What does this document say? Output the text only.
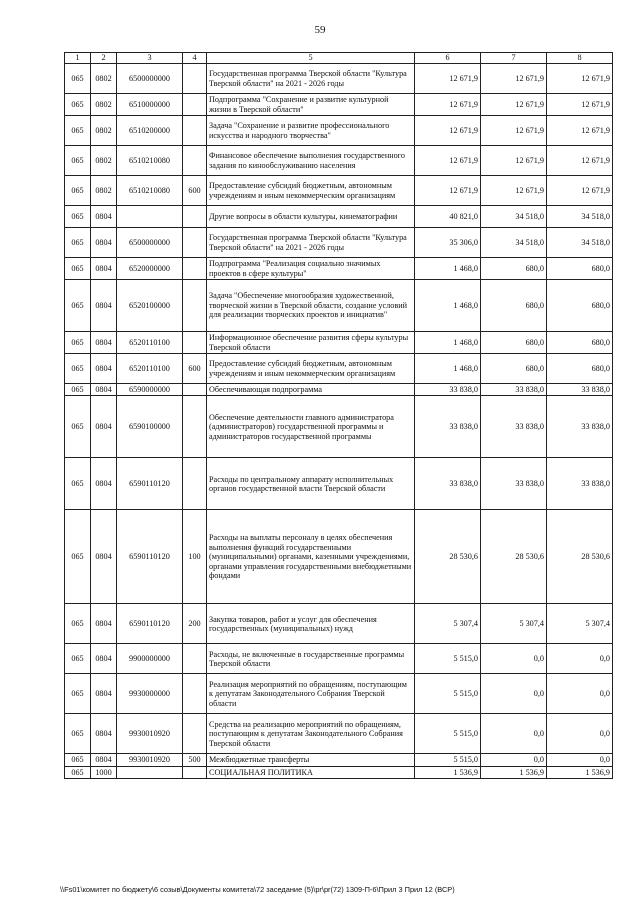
59
1	2	3	4	5	6	7	8
065	0802	6500000000		Государственная программа Тверской области "Культура Тверской области" на 2021 - 2026 годы	12 671,9	12 671,9	12 671,9
065	0802	6510000000		Подпрограмма "Сохранение и развитие культурной жизни в Тверской области"	12 671,9	12 671,9	12 671,9
065	0802	6510200000		Задача "Сохранение и развитие профессионального искусства и народного творчества"	12 671,9	12 671,9	12 671,9
065	0802	6510210080		Финансовое обеспечение выполнения государственного задания по кинообслуживанию населения	12 671,9	12 671,9	12 671,9
065	0802	6510210080	600	Предоставление субсидий бюджетным, автономным учреждениям и иным некоммерческим организациям	12 671,9	12 671,9	12 671,9
065	0804			Другие вопросы в области культуры, кинематографии	40 821,0	34 518,0	34 518,0
065	0804	6500000000		Государственная программа Тверской области "Культура Тверской области" на 2021 - 2026 годы	35 306,0	34 518,0	34 518,0
065	0804	6520000000		Подпрограмма "Реализация социально значимых проектов в сфере культуры"	1 468,0	680,0	680,0
065	0804	6520100000		Задача "Обеспечение многообразия художественной, творческой жизни в Тверской области, создание условий для реализации творческих проектов и инициатив"	1 468,0	680,0	680,0
065	0804	6520110100		Информационное обеспечение развития сферы культуры Тверской области	1 468,0	680,0	680,0
065	0804	6520110100	600	Предоставление субсидий бюджетным, автономным учреждениям и иным некоммерческим организациям	1 468,0	680,0	680,0
065	0804	6590000000		Обеспечивающая подпрограмма	33 838,0	33 838,0	33 838,0
065	0804	6590100000		Обеспечение деятельности главного администратора (администраторов) государственной программы и администраторов государственной программы	33 838,0	33 838,0	33 838,0
065	0804	6590110120		Расходы по центральному аппарату исполнительных органов государственной власти Тверской области	33 838,0	33 838,0	33 838,0
065	0804	6590110120	100	Расходы на выплаты персоналу в целях обеспечения выполнения функций государственными (муниципальными) органами, казенными учреждениями, органами управления государственными внебюджетными фондами	28 530,6	28 530,6	28 530,6
065	0804	6590110120	200	Закупка товаров, работ и услуг для обеспечения государственных (муниципальных) нужд	5 307,4	5 307,4	5 307,4
065	0804	9900000000		Расходы, не включенные в государственные программы Тверской области	5 515,0	0,0	0,0
065	0804	9930000000		Реализация мероприятий по обращениям, поступающим к депутатам Законодательного Собрания Тверской области	5 515,0	0,0	0,0
065	0804	9930010920		Средства на реализацию мероприятий по обращениям, поступающим к депутатам Законодательного Собрания Тверской области	5 515,0	0,0	0,0
065	0804	9930010920	500	Межбюджетные трансферты	5 515,0	0,0	0,0
065	1000			СОЦИАЛЬНАЯ ПОЛИТИКА	1 536,9	1 536,9	1 536,9
\\Fs01\комитет по бюджету\6 созыв\Документы комитета\72 заседание (5)\pr\pr(72) 1309-П-6\Прил 3 Прил 12 (ВСР)
